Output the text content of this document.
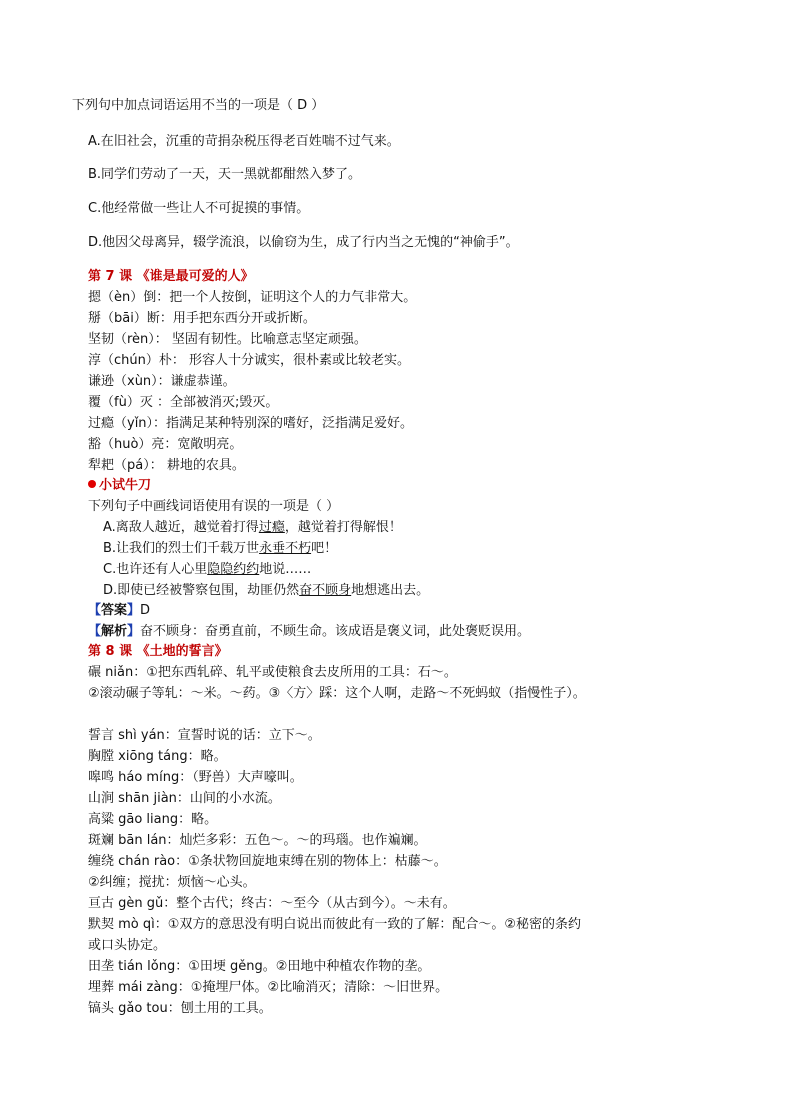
下列句中加点词语运用不当的一项是（ D ）
A.在旧社会，沉重的苛捐杂税压得老百姓喘不过气来。
B.同学们劳动了一天，天一黑就都酣然入梦了。
C.他经常做一些让人不可捉摸的事情。
D.他因父母离异，辍学流浪，以偷窃为生，成了行内当之无愧的“神偷手”。
第 7 课 《谁是最可爱的人》
摁（èn）倒：把一个人按倒，证明这个人的力气非常大。
掰（bāi）断：用手把东西分开或折断。
坚韧（rèn）： 坚固有韧性。比喻意志坚定顽强。
淳（chún）朴： 形容人十分诚实，很朴素或比较老实。
谦逊（xùn）：谦虚恭谨。
覆（fù）灭 ：全部被消灭;毁灭。
过瘾（yǐn）：指满足某种特别深的嗜好，泛指满足爱好。
豁（huò）亮：宽敞明亮。
犁耙（pá）： 耕地的农具。
小试牛刀
下列句子中画线词语使用有误的一项是（ ）
A.离敌人越近，越觉着打得过瘾，越觉着打得解恨！
B.让我们的烈士们千载万世永垂不朽吧！
C.也许还有人心里隐隐约约地说……
D.即使已经被警察包围，劫匪仍然奋不顾身地想逃出去。
【答案】D
【解析】奋不顾身：奋勇直前，不顾生命。该成语是褒义词，此处褒贬误用。
第 8 课 《土地的誓言》
碾 niǎn：①把东西轧碎、轧平或使粮食去皮所用的工具：石～。
②滚动碾子等轧：～米。～药。③〈方〉踩：这个人啊，走路～不死蚂蚁（指慢性子）。
誓言 shì yán：宣誓时说的话：立下～。
胸膛 xiōng táng：略。
嗥鸣 háo míng：（野兽）大声嚎叫。
山涧 shān jiàn：山间的小水流。
高粱 gāo liang：略。
斑斓 bān lán：灿烂多彩：五色～。～的玛瑙。也作斒斓。
缠绕 chán rào：①条状物回旋地束缚在别的物体上：枯藤～。
②纠缠；搅扰：烦恼～心头。
亘古 gèn gǔ：整个古代；终古：～至今（从古到今）。～未有。
默契 mò qì：①双方的意思没有明白说出而彼此有一致的了解：配合～。②秘密的条约
或口头协定。
田垄 tián lǒng：①田埂 gěng。②田地中种植农作物的垄。
埋葬 mái zàng：①掩埋尸体。②比喻消灭；清除：～旧世界。
镐头 gǎo tou：刨土用的工具。
